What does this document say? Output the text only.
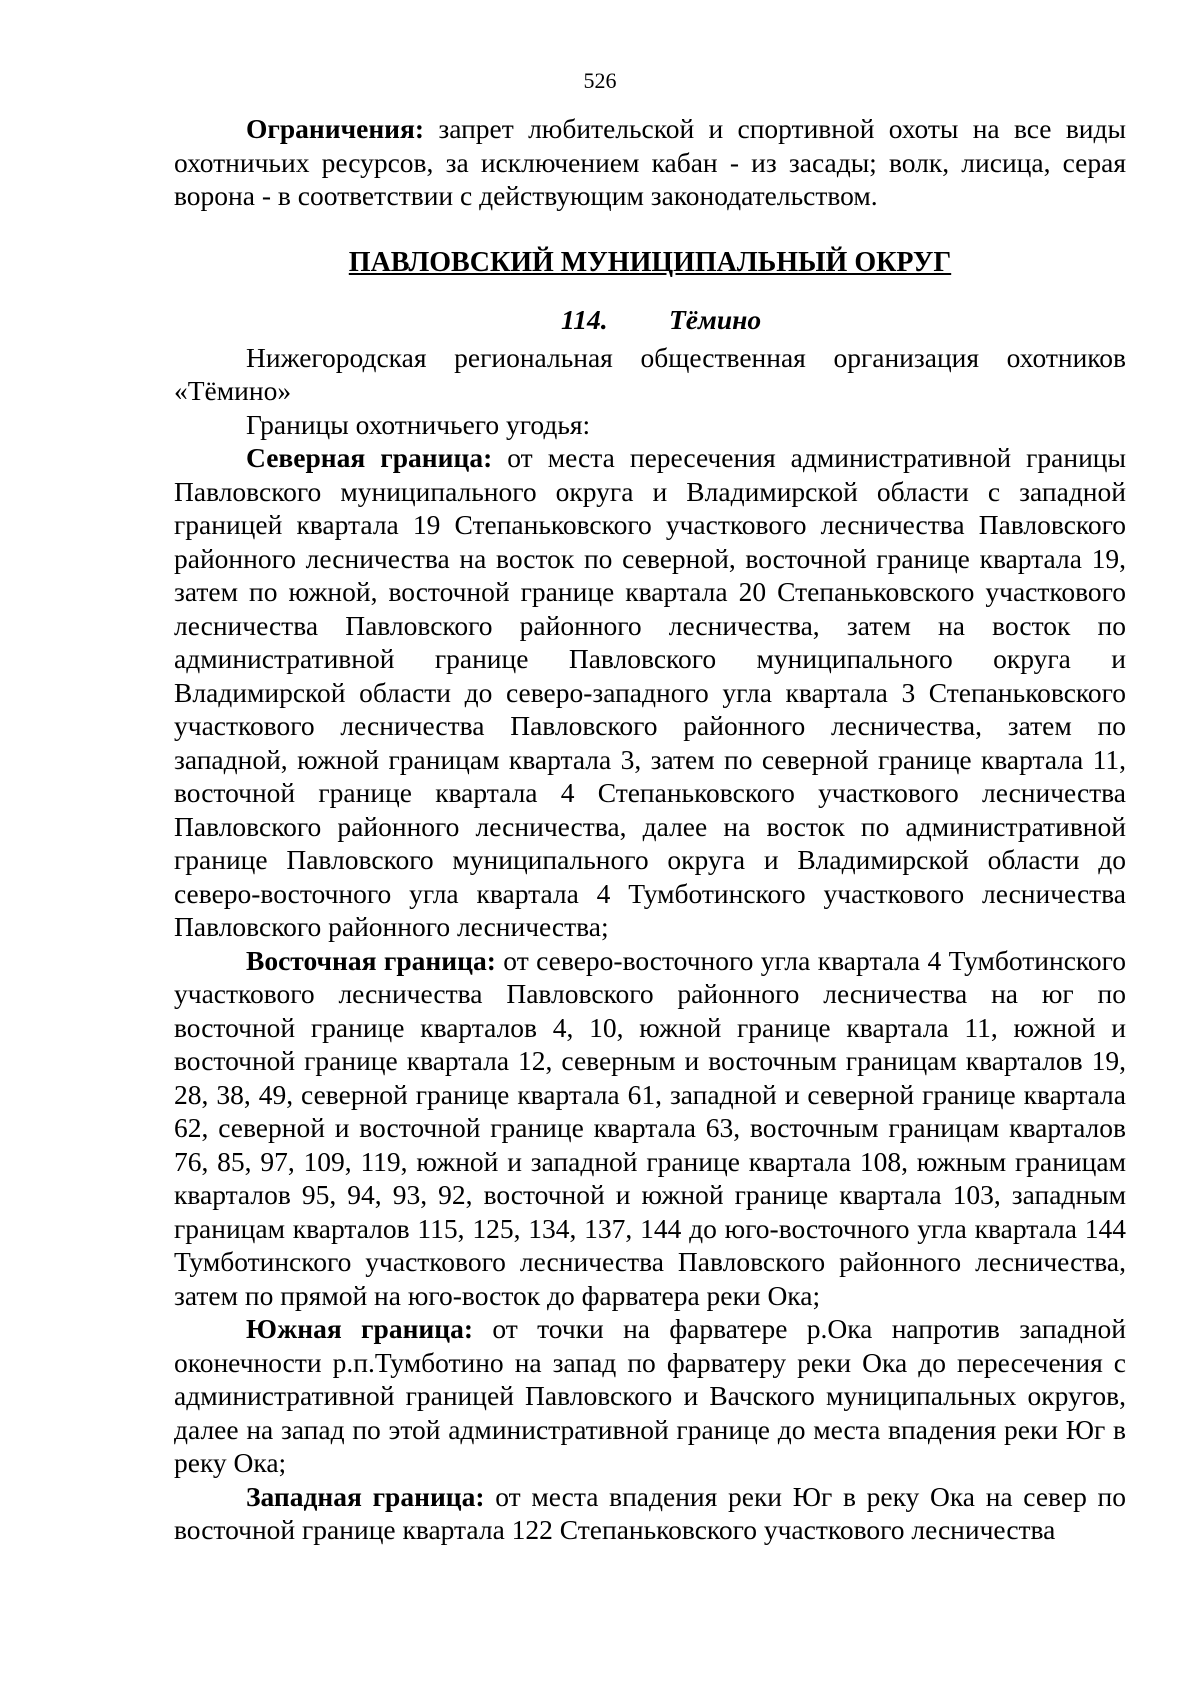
526

Ограничения: запрет любительской и спортивной охоты на все виды охотничьих ресурсов, за исключением кабан - из засады; волк, лисица, серая ворона - в соответствии с действующим законодательством.

ПАВЛОВСКИЙ МУНИЦИПАЛЬНЫЙ ОКРУГ

114. Тёмино

Нижегородская региональная общественная организация охотников «Тёмино»

Границы охотничьего угодья:

Северная граница: от места пересечения административной границы Павловского муниципального округа и Владимирской области с западной границей квартала 19 Степаньковского участкового лесничества Павловского районного лесничества на восток по северной, восточной границе квартала 19, затем по южной, восточной границе квартала 20 Степаньковского участкового лесничества Павловского районного лесничества, затем на восток по административной границе Павловского муниципального округа и Владимирской области до северо-западного угла квартала 3 Степаньковского участкового лесничества Павловского районного лесничества, затем по западной, южной границам квартала 3, затем по северной границе квартала 11, восточной границе квартала 4 Степаньковского участкового лесничества Павловского районного лесничества, далее на восток по административной границе Павловского муниципального округа и Владимирской области до северо-восточного угла квартала 4 Тумботинского участкового лесничества Павловского районного лесничества;

Восточная граница: от северо-восточного угла квартала 4 Тумботинского участкового лесничества Павловского районного лесничества на юг по восточной границе кварталов 4, 10, южной границе квартала 11, южной и восточной границе квартала 12, северным и восточным границам кварталов 19, 28, 38, 49, северной границе квартала 61, западной и северной границе квартала 62, северной и восточной границе квартала 63, восточным границам кварталов 76, 85, 97, 109, 119, южной и западной границе квартала 108, южным границам кварталов 95, 94, 93, 92, восточной и южной границе квартала 103, западным границам кварталов 115, 125, 134, 137, 144 до юго-восточного угла квартала 144 Тумботинского участкового лесничества Павловского районного лесничества, затем по прямой на юго-восток до фарватера реки Ока;

Южная граница: от точки на фарватере р.Ока напротив западной оконечности р.п.Тумботино на запад по фарватеру реки Ока до пересечения с административной границей Павловского и Вачского муниципальных округов, далее на запад по этой административной границе до места впадения реки Юг в реку Ока;

Западная граница: от места впадения реки Юг в реку Ока на север по восточной границе квартала 122 Степаньковского участкового лесничества
